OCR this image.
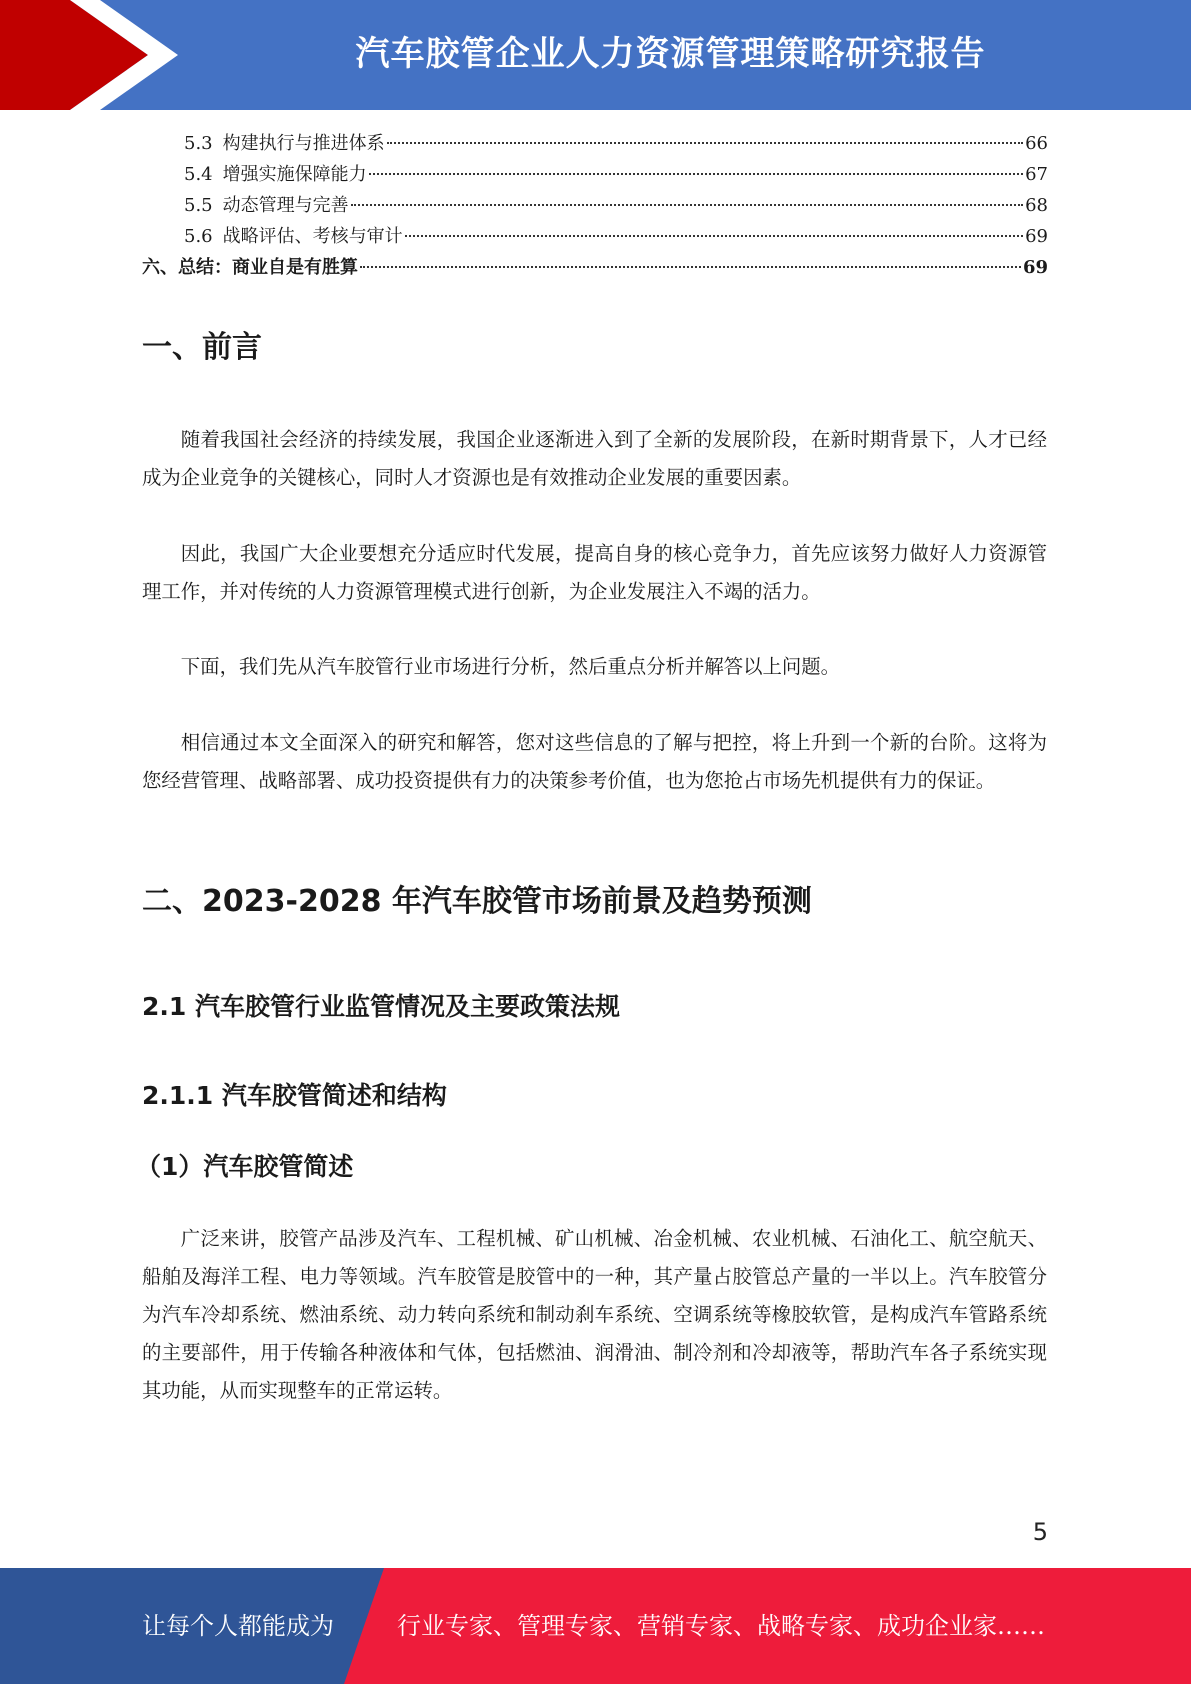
汽车胶管企业人力资源管理策略研究报告
5.3 构建执行与推进体系	66
5.4 增强实施保障能力	67
5.5 动态管理与完善	68
5.6 战略评估、考核与审计	69
六、总结：商业自是有胜算	69
一、前言

随着我国社会经济的持续发展，我国企业逐渐进入到了全新的发展阶段，在新时期背景下，人才已经成为企业竞争的关键核心，同时人才资源也是有效推动企业发展的重要因素。

因此，我国广大企业要想充分适应时代发展，提高自身的核心竞争力，首先应该努力做好人力资源管理工作，并对传统的人力资源管理模式进行创新，为企业发展注入不竭的活力。

下面，我们先从汽车胶管行业市场进行分析，然后重点分析并解答以上问题。

相信通过本文全面深入的研究和解答，您对这些信息的了解与把控，将上升到一个新的台阶。这将为您经营管理、战略部署、成功投资提供有力的决策参考价值，也为您抢占市场先机提供有力的保证。

二、2023-2028 年汽车胶管市场前景及趋势预测
2.1 汽车胶管行业监管情况及主要政策法规
2.1.1 汽车胶管简述和结构
（1）汽车胶管简述

广泛来讲，胶管产品涉及汽车、工程机械、矿山机械、冶金机械、农业机械、石油化工、航空航天、船舶及海洋工程、电力等领域。汽车胶管是胶管中的一种，其产量占胶管总产量的一半以上。汽车胶管分为汽车冷却系统、燃油系统、动力转向系统和制动刹车系统、空调系统等橡胶软管，是构成汽车管路系统的主要部件，用于传输各种液体和气体，包括燃油、润滑油、制冷剂和冷却液等，帮助汽车各子系统实现其功能，从而实现整车的正常运转。

5
让每个人都能成为	行业专家、管理专家、营销专家、战略专家、成功企业家……
